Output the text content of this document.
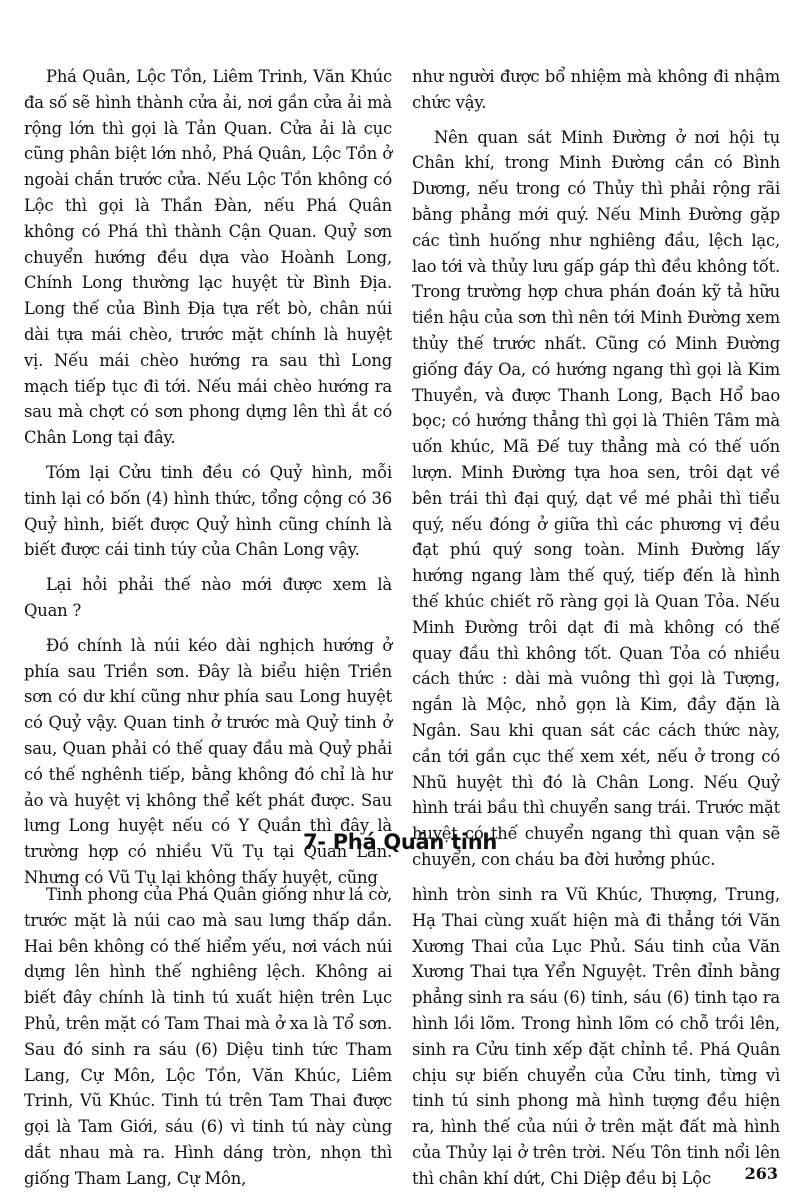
Phá Quân, Lộc Tồn, Liêm Trinh, Văn Khúc đa số sẽ hình thành cửa ải, nơi gần cửa ải mà rộng lớn thì gọi là Tản Quan. Cửa ải là cục cũng phân biệt lớn nhỏ, Phá Quân, Lộc Tồn ở ngoài chắn trước cửa. Nếu Lộc Tồn không có Lộc thì gọi là Thần Đàn, nếu Phá Quân không có Phá thì thành Cận Quan. Quỷ sơn chuyển hướng đều dựa vào Hoành Long, Chính Long thường lạc huyệt từ Bình Địa. Long thế của Bình Địa tựa rết bò, chân núi dài tựa mái chèo, trước mặt chính là huyệt vị. Nếu mái chèo hướng ra sau thì Long mạch tiếp tục đi tới. Nếu mái chèo hướng ra sau mà chợt có sơn phong dựng lên thì ắt có Chân Long tại đây.

Tóm lại Cửu tinh đều có Quỷ hình, mỗi tinh lại có bốn (4) hình thức, tổng cộng có 36 Quỷ hình, biết được Quỷ hình cũng chính là biết được cái tinh túy của Chân Long vậy.

Lại hỏi phải thế nào mới được xem là Quan ?

Đó chính là núi kéo dài nghịch hướng ở phía sau Triền sơn. Đây là biểu hiện Triền sơn có dư khí cũng như phía sau Long huyệt có Quỷ vậy. Quan tinh ở trước mà Quỷ tinh ở sau, Quan phải có thế quay đầu mà Quỷ phải có thế nghênh tiếp, bằng không đó chỉ là hư ảo và huyệt vị không thể kết phát được. Sau lưng Long huyệt nếu có Y Quần thì đây là trường hợp có nhiều Vũ Tụ tại Quan Lan. Nhưng có Vũ Tụ lại không thấy huyệt, cũng

như người được bổ nhiệm mà không đi nhậm chức vậy.

Nên quan sát Minh Đường ở nơi hội tụ Chân khí, trong Minh Đường cần có Bình Dương, nếu trong có Thủy thì phải rộng rãi bằng phẳng mới quý. Nếu Minh Đường gặp các tình huống như nghiêng đầu, lệch lạc, lao tới và thủy lưu gấp gáp thì đều không tốt. Trong trường hợp chưa phán đoán kỹ tả hữu tiền hậu của sơn thì nên tới Minh Đường xem thủy thế trước nhất. Cũng có Minh Đường giống đáy Oa, có hướng ngang thì gọi là Kim Thuyền, và được Thanh Long, Bạch Hổ bao bọc; có hướng thẳng thì gọi là Thiên Tâm mà uốn khúc, Mã Đế tuy thẳng mà có thế uốn lượn. Minh Đường tựa hoa sen, trôi dạt về bên trái thì đại quý, dạt về mé phải thì tiểu quý, nếu đóng ở giữa thì các phương vị đều đạt phú quý song toàn. Minh Đường lấy hướng ngang làm thế quý, tiếp đến là hình thế khúc chiết rõ ràng gọi là Quan Tỏa. Nếu Minh Đường trôi dạt đi mà không có thế quay đầu thì không tốt. Quan Tỏa có nhiều cách thức : dài mà vuông thì gọi là Tượng, ngắn là Mộc, nhỏ gọn là Kim, đầy đặn là Ngân. Sau khi quan sát các cách thức này, cần tới gần cục thế xem xét, nếu ở trong có Nhũ huyệt thì đó là Chân Long. Nếu Quỷ hình trái bầu thì chuyển sang trái. Trước mặt huyệt có thế chuyển ngang thì quan vận sẽ chuyển, con cháu ba đời hưởng phúc.

7- Phá Quân tinh

Tinh phong của Phá Quân giống như lá cờ, trước mặt là núi cao mà sau lưng thấp dần. Hai bên không có thế hiểm yếu, nơi vách núi dựng lên hình thế nghiêng lệch. Không ai biết đây chính là tinh tú xuất hiện trên Lục Phủ, trên mặt có Tam Thai mà ở xa là Tổ sơn. Sau đó sinh ra sáu (6) Diệu tinh tức Tham Lang, Cự Môn, Lộc Tồn, Văn Khúc, Liêm Trinh, Vũ Khúc. Tinh tú trên Tam Thai được gọi là Tam Giới, sáu (6) vì tinh tú này cùng dắt nhau mà ra. Hình dáng tròn, nhọn thì giống Tham Lang, Cự Môn,

hình tròn sinh ra Vũ Khúc, Thượng, Trung, Hạ Thai cùng xuất hiện mà đi thẳng tới Văn Xương Thai của Lục Phủ. Sáu tinh của Văn Xương Thai tựa Yển Nguyệt. Trên đỉnh bằng phẳng sinh ra sáu (6) tinh, sáu (6) tinh tạo ra hình lồi lõm. Trong hình lõm có chỗ trồi lên, sinh ra Cửu tinh xếp đặt chỉnh tề. Phá Quân chịu sự biến chuyển của Cửu tinh, từng vì tinh tú sinh phong mà hình tượng đều hiện ra, hình thế của núi ở trên mặt đất mà hình của Thủy lại ở trên trời. Nếu Tôn tinh nổi lên thì chân khí dứt, Chi Diệp đều bị Lộc	263
